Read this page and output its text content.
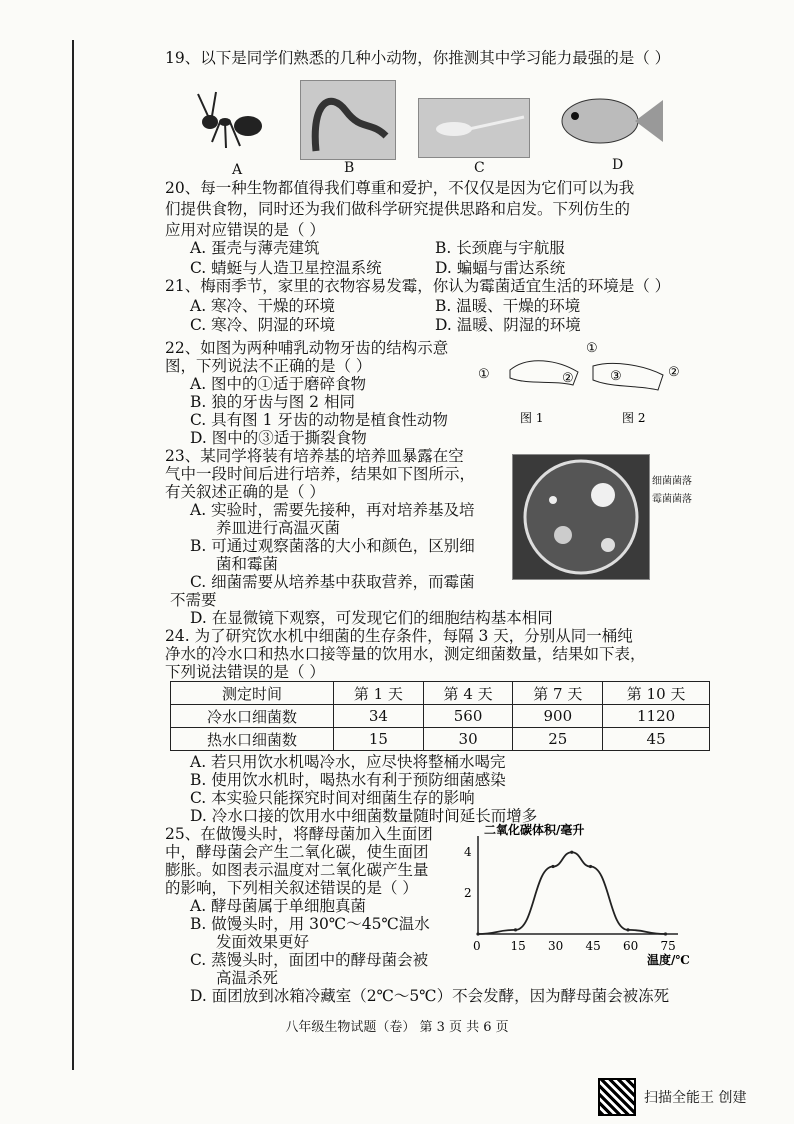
19、以下是同学们熟悉的几种小动物，你推测其中学习能力最强的是（ ）
A	B	C	D
20、每一种生物都值得我们尊重和爱护，不仅仅是因为它们可以为我
们提供食物，同时还为我们做科学研究提供思路和启发。下列仿生的
应用对应错误的是（ ）
A. 蛋壳与薄壳建筑	B. 长颈鹿与宇航服
C. 蜻蜓与人造卫星控温系统	D. 蝙蝠与雷达系统
21、梅雨季节，家里的衣物容易发霉，你认为霉菌适宜生活的环境是（ ）
A. 寒冷、干燥的环境	B. 温暖、干燥的环境
C. 寒冷、阴湿的环境	D. 温暖、阴湿的环境
22、如图为两种哺乳动物牙齿的结构示意
图，下列说法不正确的是（ ）
A. 图中的①适于磨碎食物
B. 狼的牙齿与图 2 相同
C. 具有图 1 牙齿的动物是植食性动物
D. 图中的③适于撕裂食物
①	②
①
③	②
图 1	图 2
23、某同学将装有培养基的培养皿暴露在空
气中一段时间后进行培养，结果如下图所示，
有关叙述正确的是（ ）
A. 实验时，需要先接种，再对培养基及培
养皿进行高温灭菌
B. 可通过观察菌落的大小和颜色，区别细
菌和霉菌
C. 细菌需要从培养基中获取营养，而霉菌
不需要
D. 在显微镜下观察，可发现它们的细胞结构基本相同
细菌菌落
霉菌菌落
24. 为了研究饮水机中细菌的生存条件，每隔 3 天，分别从同一桶纯
净水的冷水口和热水口接等量的饮用水，测定细菌数量，结果如下表，
下列说法错误的是（ ）
测定时间	第 1 天	第 4 天	第 7 天	第 10 天
冷水口细菌数	34	560	900	1120
热水口细菌数	15	30	25	45
A. 若只用饮水机喝冷水，应尽快将整桶水喝完
B. 使用饮水机时，喝热水有利于预防细菌感染
C. 本实验只能探究时间对细菌生存的影响
D. 冷水口接的饮用水中细菌数量随时间延长而增多
25、在做馒头时，将酵母菌加入生面团
中，酵母菌会产生二氧化碳，使生面团
膨胀。如图表示温度对二氧化碳产生量
的影响，下列相关叙述错误的是（ ）
A. 酵母菌属于单细胞真菌
B. 做馒头时，用 30℃～45℃温水
发面效果更好
C. 蒸馒头时，面团中的酵母菌会被
高温杀死
D. 面团放到冰箱冷藏室（2℃～5℃）不会发酵，因为酵母菌会被冻死
0 15 30 45 60 75
2
4
二氧化碳体积/毫升
温度/℃
八年级生物试题（卷） 第 3 页 共 6 页
扫描全能王 创建
